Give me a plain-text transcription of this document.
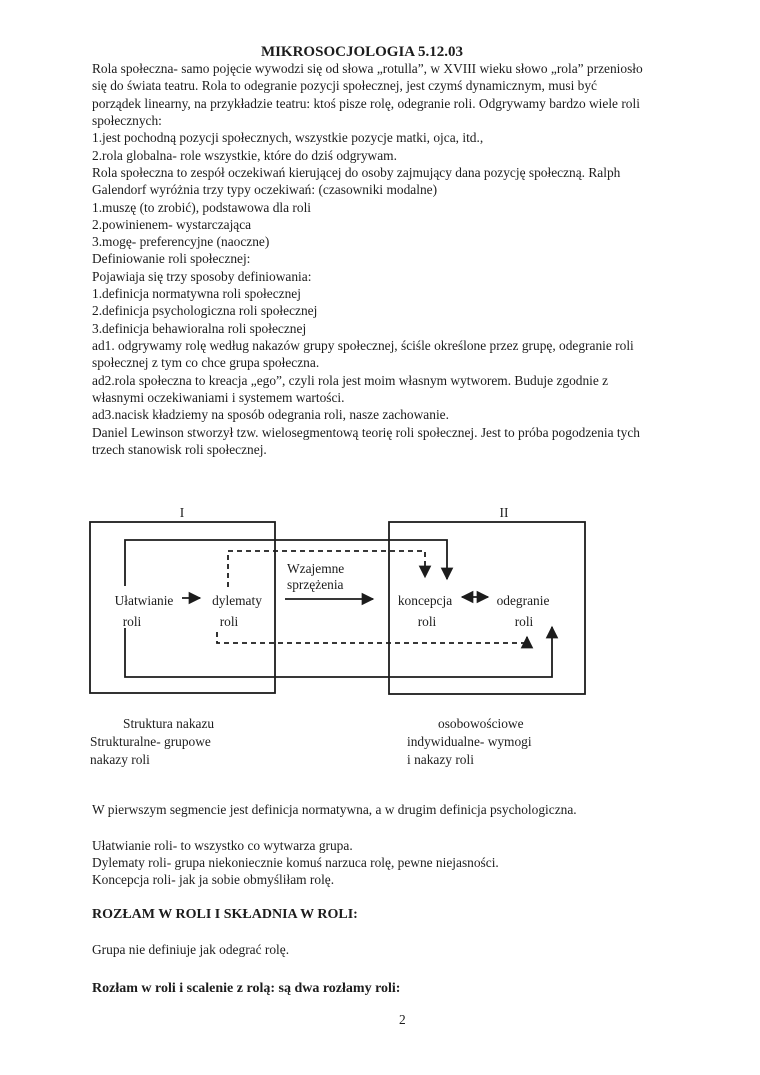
MIKROSOCJOLOGIA 5.12.03
Rola społeczna- samo pojęcie wywodzi się od słowa „rotulla”, w XVIII wieku słowo „rola” przeniosło
się do świata teatru. Rola to odegranie pozycji społecznej, jest czymś dynamicznym, musi być
porządek linearny, na przykładzie teatru: ktoś pisze rolę, odegranie roli. Odgrywamy bardzo wiele roli
społecznych:
1.jest pochodną pozycji społecznych, wszystkie pozycje matki, ojca, itd.,
2.rola globalna- role wszystkie, które do dziś odgrywam.
Rola społeczna to zespół oczekiwań kierującej do osoby zajmujący dana pozycję społeczną. Ralph
Galendorf wyróżnia trzy typy oczekiwań: (czasowniki modalne)
1.muszę (to zrobić), podstawowa dla roli
2.powinienem- wystarczająca
3.mogę- preferencyjne (naoczne)
Definiowanie roli społecznej:
Pojawiaja się trzy sposoby definiowania:
1.definicja normatywna roli społecznej
2.definicja psychologiczna roli społecznej
3.definicja behawioralna roli społecznej
ad1. odgrywamy rolę według nakazów grupy społecznej, ściśle określone przez grupę, odegranie roli
społecznej z tym co chce grupa społeczna.
ad2.rola społeczna to kreacja „ego”, czyli rola jest moim własnym wytworem. Buduje zgodnie z
własnymi oczekiwaniami i systemem wartości.
ad3.nacisk kładziemy na sposób odegrania roli, nasze zachowanie.
Daniel Lewinson stworzył tzw. wielosegmentową teorię roli społecznej. Jest to próba pogodzenia tych
trzech stanowisk roli społecznej.
I	II
Ułatwianie
roli
dylematy
roli
koncepcja
roli
odegranie
roli
Wzajemne
sprzężenia
Struktura nakazu
Strukturalne- grupowe
nakazy roli
osobowościowe
indywidualne- wymogi
i nakazy roli
W pierwszym segmencie jest definicja normatywna, a w drugim definicja psychologiczna.
Ułatwianie roli- to wszystko co wytwarza grupa.
Dylematy roli- grupa niekoniecznie komuś narzuca rolę, pewne niejasności.
Koncepcja roli- jak ja sobie obmyśliłam rolę.
ROZŁAM W ROLI I SKŁADNIA W ROLI:
Grupa nie definiuje jak odegrać rolę.
Rozłam w roli i scalenie z rolą: są dwa rozłamy roli:
2
